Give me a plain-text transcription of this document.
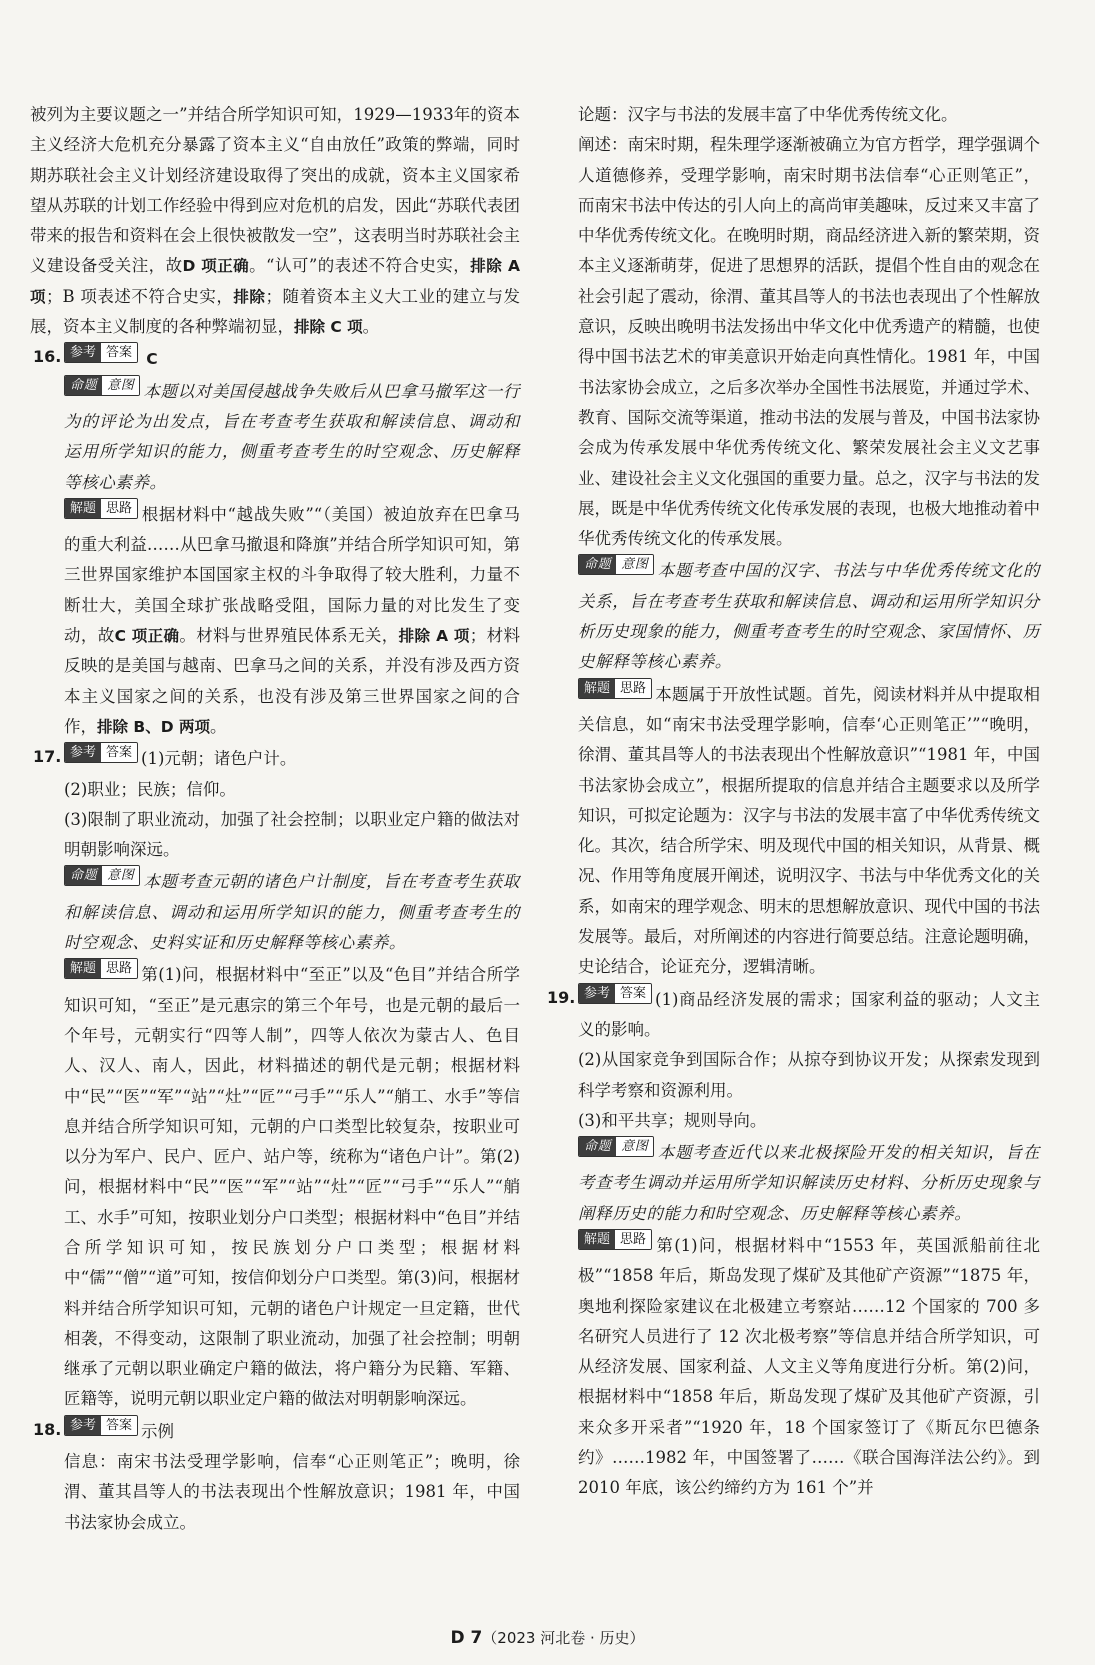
被列为主要议题之一”并结合所学知识可知，1929—1933年的资本主义经济大危机充分暴露了资本主义“自由放任”政策的弊端，同时期苏联社会主义计划经济建设取得了突出的成就，资本主义国家希望从苏联的计划工作经验中得到应对危机的启发，因此“苏联代表团带来的报告和资料在会上很快被散发一空”，这表明当时苏联社会主义建设备受关注，故D 项正确。“认可”的表述不符合史实，排除 A 项；B 项表述不符合史实，排除；随着资本主义大工业的建立与发展，资本主义制度的各种弊端初显，排除 C 项。

16. 参考 答案 C

命题 意图 本题以对美国侵越战争失败后从巴拿马撤军这一行为的评论为出发点，旨在考查考生获取和解读信息、调动和运用所学知识的能力，侧重考查考生的时空观念、历史解释等核心素养。

解题 思路 根据材料中“越战失败”“（美国）被迫放弃在巴拿马的重大利益……从巴拿马撤退和降旗”并结合所学知识可知，第三世界国家维护本国国家主权的斗争取得了较大胜利，力量不断壮大，美国全球扩张战略受阻，国际力量的对比发生了变动，故C 项正确。材料与世界殖民体系无关，排除 A 项；材料反映的是美国与越南、巴拿马之间的关系，并没有涉及西方资本主义国家之间的关系，也没有涉及第三世界国家之间的合作，排除 B、D 两项。

17. 参考 答案 (1)元朝；诸色户计。

(2)职业；民族；信仰。

(3)限制了职业流动，加强了社会控制；以职业定户籍的做法对明朝影响深远。

命题 意图 本题考查元朝的诸色户计制度，旨在考查考生获取和解读信息、调动和运用所学知识的能力，侧重考查考生的时空观念、史料实证和历史解释等核心素养。

解题 思路 第(1)问，根据材料中“至正”以及“色目”并结合所学知识可知，“至正”是元惠宗的第三个年号，也是元朝的最后一个年号，元朝实行“四等人制”，四等人依次为蒙古人、色目人、汉人、南人，因此，材料描述的朝代是元朝；根据材料中“民”“医”“军”“站”“灶”“匠”“弓手”“乐人”“艄工、水手”等信息并结合所学知识可知，元朝的户口类型比较复杂，按职业可以分为军户、民户、匠户、站户等，统称为“诸色户计”。第(2)问，根据材料中“民”“医”“军”“站”“灶”“匠”“弓手”“乐人”“艄工、水手”可知，按职业划分户口类型；根据材料中“色目”并结合所学知识可知，按民族划分户口类型；根据材料中“儒”“僧”“道”可知，按信仰划分户口类型。第(3)问，根据材料并结合所学知识可知，元朝的诸色户计规定一旦定籍，世代相袭，不得变动，这限制了职业流动，加强了社会控制；明朝继承了元朝以职业确定户籍的做法，将户籍分为民籍、军籍、匠籍等，说明元朝以职业定户籍的做法对明朝影响深远。

18. 参考 答案 示例

信息：南宋书法受理学影响，信奉“心正则笔正”；晚明，徐渭、董其昌等人的书法表现出个性解放意识；1981 年，中国书法家协会成立。

论题：汉字与书法的发展丰富了中华优秀传统文化。

阐述：南宋时期，程朱理学逐渐被确立为官方哲学，理学强调个人道德修养，受理学影响，南宋时期书法信奉“心正则笔正”，而南宋书法中传达的引人向上的高尚审美趣味，反过来又丰富了中华优秀传统文化。在晚明时期，商品经济进入新的繁荣期，资本主义逐渐萌芽，促进了思想界的活跃，提倡个性自由的观念在社会引起了震动，徐渭、董其昌等人的书法也表现出了个性解放意识，反映出晚明书法发扬出中华文化中优秀遗产的精髓，也使得中国书法艺术的审美意识开始走向真性情化。1981 年，中国书法家协会成立，之后多次举办全国性书法展览，并通过学术、教育、国际交流等渠道，推动书法的发展与普及，中国书法家协会成为传承发展中华优秀传统文化、繁荣发展社会主义文艺事业、建设社会主义文化强国的重要力量。总之，汉字与书法的发展，既是中华优秀传统文化传承发展的表现，也极大地推动着中华优秀传统文化的传承发展。

命题 意图 本题考查中国的汉字、书法与中华优秀传统文化的关系，旨在考查考生获取和解读信息、调动和运用所学知识分析历史现象的能力，侧重考查考生的时空观念、家国情怀、历史解释等核心素养。

解题 思路 本题属于开放性试题。首先，阅读材料并从中提取相关信息，如“南宋书法受理学影响，信奉‘心正则笔正’”“晚明，徐渭、董其昌等人的书法表现出个性解放意识”“1981 年，中国书法家协会成立”，根据所提取的信息并结合主题要求以及所学知识，可拟定论题为：汉字与书法的发展丰富了中华优秀传统文化。其次，结合所学宋、明及现代中国的相关知识，从背景、概况、作用等角度展开阐述，说明汉字、书法与中华优秀文化的关系，如南宋的理学观念、明末的思想解放意识、现代中国的书法发展等。最后，对所阐述的内容进行简要总结。注意论题明确，史论结合，论证充分，逻辑清晰。

19. 参考 答案 (1)商品经济发展的需求；国家利益的驱动；人文主义的影响。

(2)从国家竞争到国际合作；从掠夺到协议开发；从探索发现到科学考察和资源利用。

(3)和平共享；规则导向。

命题 意图 本题考查近代以来北极探险开发的相关知识，旨在考查考生调动并运用所学知识解读历史材料、分析历史现象与阐释历史的能力和时空观念、历史解释等核心素养。

解题 思路 第(1)问，根据材料中“1553 年，英国派船前往北极”“1858 年后，斯岛发现了煤矿及其他矿产资源”“1875 年，奥地利探险家建议在北极建立考察站……12 个国家的 700 多名研究人员进行了 12 次北极考察”等信息并结合所学知识，可从经济发展、国家利益、人文主义等角度进行分析。第(2)问，根据材料中“1858 年后，斯岛发现了煤矿及其他矿产资源，引来众多开采者”“1920 年，18 个国家签订了《斯瓦尔巴德条约》……1982 年，中国签署了……《联合国海洋法公约》。到 2010 年底，该公约缔约方为 161 个”并

D 7（2023 河北卷 · 历史）
